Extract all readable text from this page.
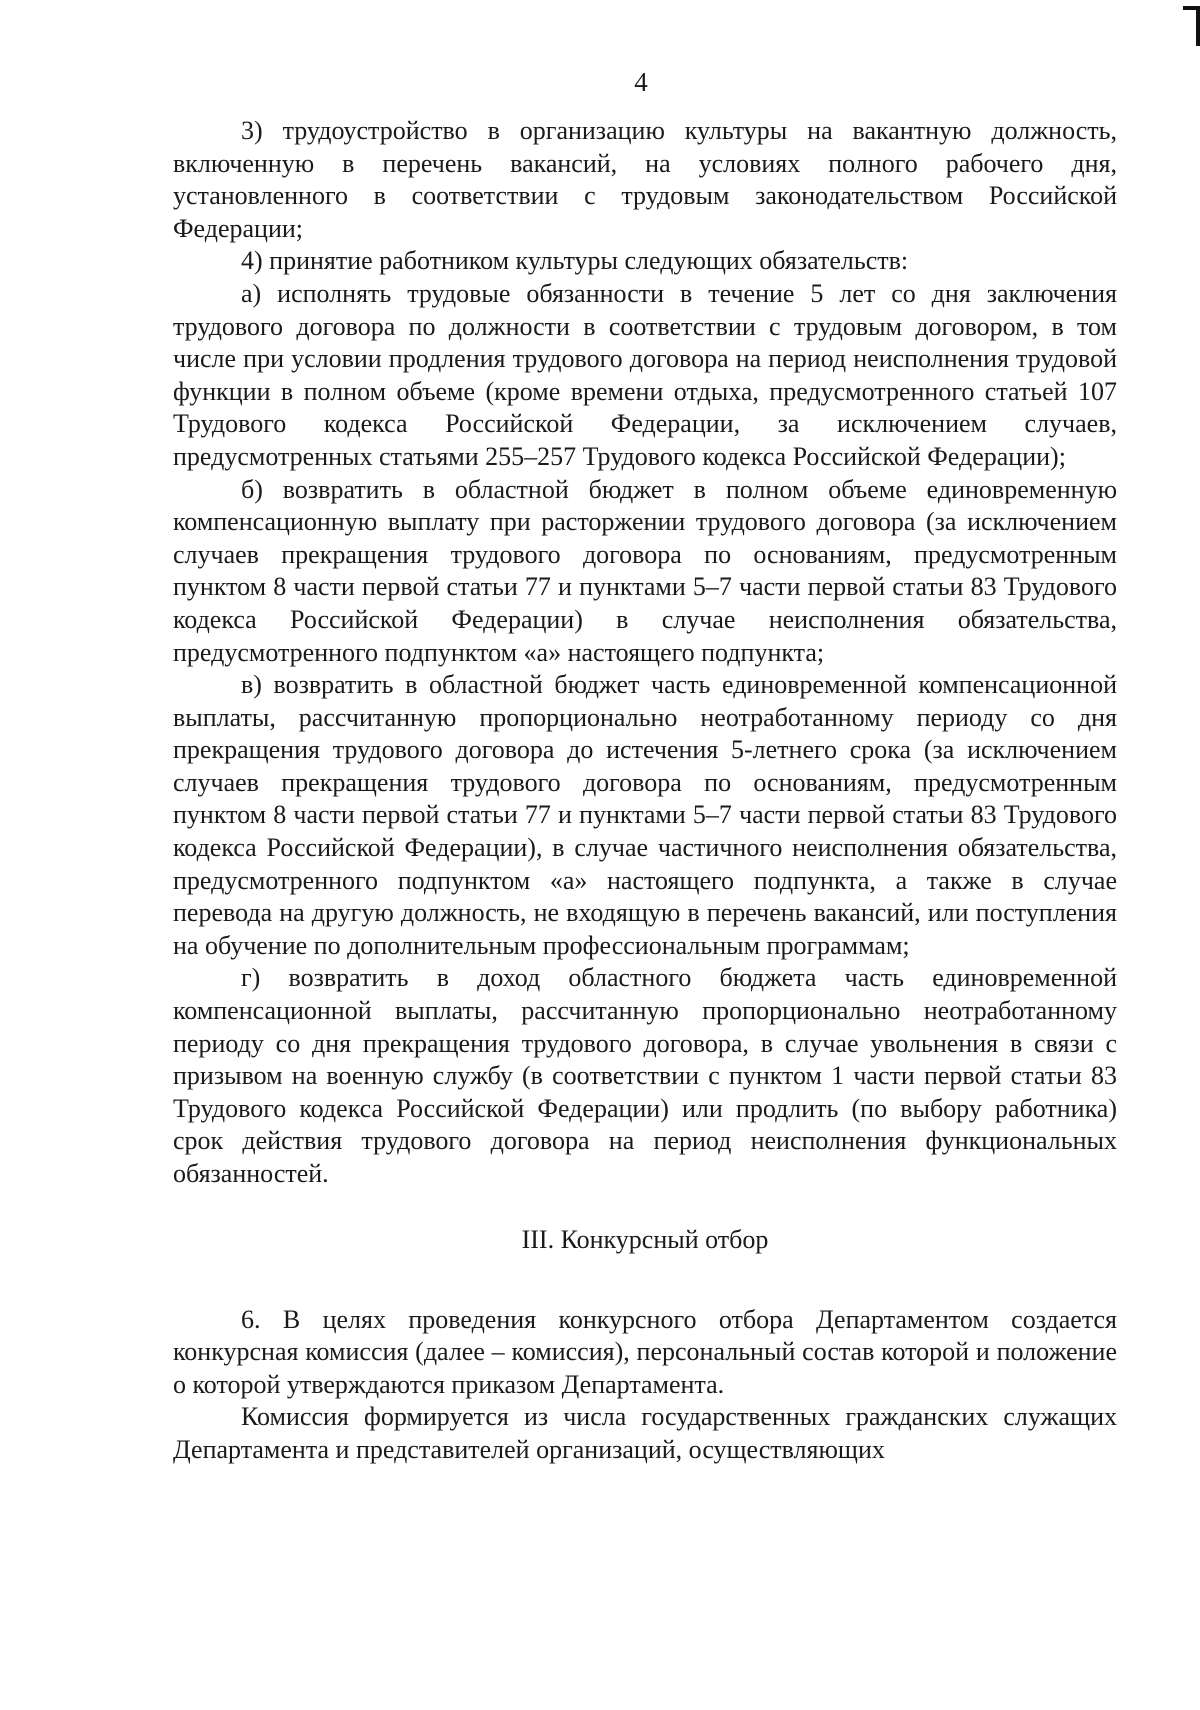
4

3) трудоустройство в организацию культуры на вакантную должность, включенную в перечень вакансий, на условиях полного рабочего дня, установленного в соответствии с трудовым законодательством Российской Федерации;

4) принятие работником культуры следующих обязательств:

а) исполнять трудовые обязанности в течение 5 лет со дня заключения трудового договора по должности в соответствии с трудовым договором, в том числе при условии продления трудового договора на период неисполнения трудовой функции в полном объеме (кроме времени отдыха, предусмотренного статьей 107 Трудового кодекса Российской Федерации, за исключением случаев, предусмотренных статьями 255–257 Трудового кодекса Российской Федерации);

б) возвратить в областной бюджет в полном объеме единовременную компенсационную выплату при расторжении трудового договора (за исключением случаев прекращения трудового договора по основаниям, предусмотренным пунктом 8 части первой статьи 77 и пунктами 5–7 части первой статьи 83 Трудового кодекса Российской Федерации) в случае неисполнения обязательства, предусмотренного подпунктом «а» настоящего подпункта;

в) возвратить в областной бюджет часть единовременной компенсационной выплаты, рассчитанную пропорционально неотработанному периоду со дня прекращения трудового договора до истечения 5-летнего срока (за исключением случаев прекращения трудового договора по основаниям, предусмотренным пунктом 8 части первой статьи 77 и пунктами 5–7 части первой статьи 83 Трудового кодекса Российской Федерации), в случае частичного неисполнения обязательства, предусмотренного подпунктом «а» настоящего подпункта, а также в случае перевода на другую должность, не входящую в перечень вакансий, или поступления на обучение по дополнительным профессиональным программам;

г) возвратить в доход областного бюджета часть единовременной компенсационной выплаты, рассчитанную пропорционально неотработанному периоду со дня прекращения трудового договора, в случае увольнения в связи с призывом на военную службу (в соответствии с пунктом 1 части первой статьи 83 Трудового кодекса Российской Федерации) или продлить (по выбору работника) срок действия трудового договора на период неисполнения функциональных обязанностей.

III. Конкурсный отбор

6. В целях проведения конкурсного отбора Департаментом создается конкурсная комиссия (далее – комиссия), персональный состав которой и положение о которой утверждаются приказом Департамента.

Комиссия формируется из числа государственных гражданских служащих Департамента и представителей организаций, осуществляющих
